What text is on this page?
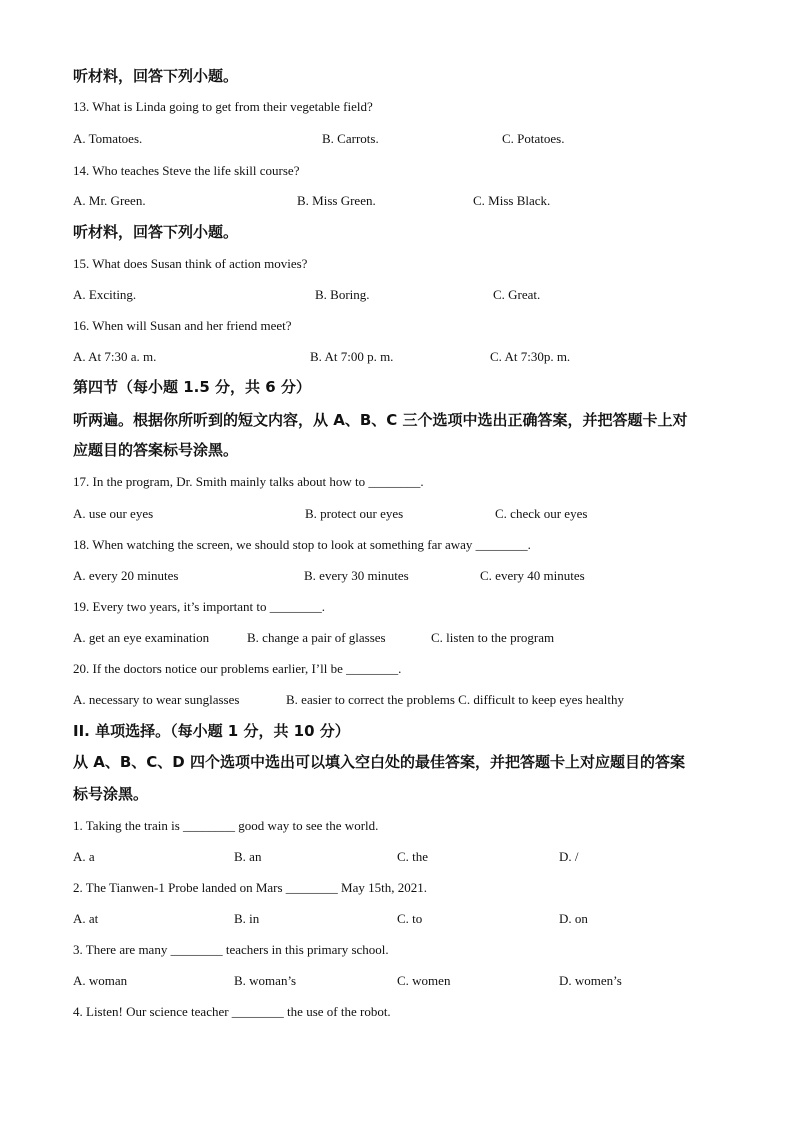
听材料，回答下列小题。
13. What is Linda going to get from their vegetable field?
A. Tomatoes.	B. Carrots.	C. Potatoes.
14. Who teaches Steve the life skill course?
A. Mr. Green.	B. Miss Green.	C. Miss Black.
听材料，回答下列小题。
15. What does Susan think of action movies?
A. Exciting.	B. Boring.	C. Great.
16. When will Susan and her friend meet?
A. At 7:30 a. m.	B. At 7:00 p. m.	C. At 7:30p. m.
第四节（每小题 1.5 分，共 6 分）
听两遍。根据你所听到的短文内容，从 A、B、C 三个选项中选出正确答案，并把答题卡上对
应题目的答案标号涂黑。
17. In the program, Dr. Smith mainly talks about how to ________.
A. use our eyes	B. protect our eyes	C. check our eyes
18. When watching the screen, we should stop to look at something far away ________.
A. every 20 minutes	B. every 30 minutes	C. every 40 minutes
19. Every two years, it’s important to ________.
A. get an eye examination	B. change a pair of glasses	C. listen to the program
20. If the doctors notice our problems earlier, I’ll be ________.
A. necessary to wear sunglasses	B. easier to correct the problems C. difficult to keep eyes healthy
II. 单项选择。（每小题 1 分，共 10 分）
从 A、B、C、D 四个选项中选出可以填入空白处的最佳答案，并把答题卡上对应题目的答案
标号涂黑。
1. Taking the train is ________ good way to see the world.
A. a	B. an	C. the	D. /
2. The Tianwen-1 Probe landed on Mars ________ May 15th, 2021.
A. at	B. in	C. to	D. on
3. There are many ________ teachers in this primary school.
A. woman	B. woman’s	C. women	D. women’s
4. Listen! Our science teacher ________ the use of the robot.
